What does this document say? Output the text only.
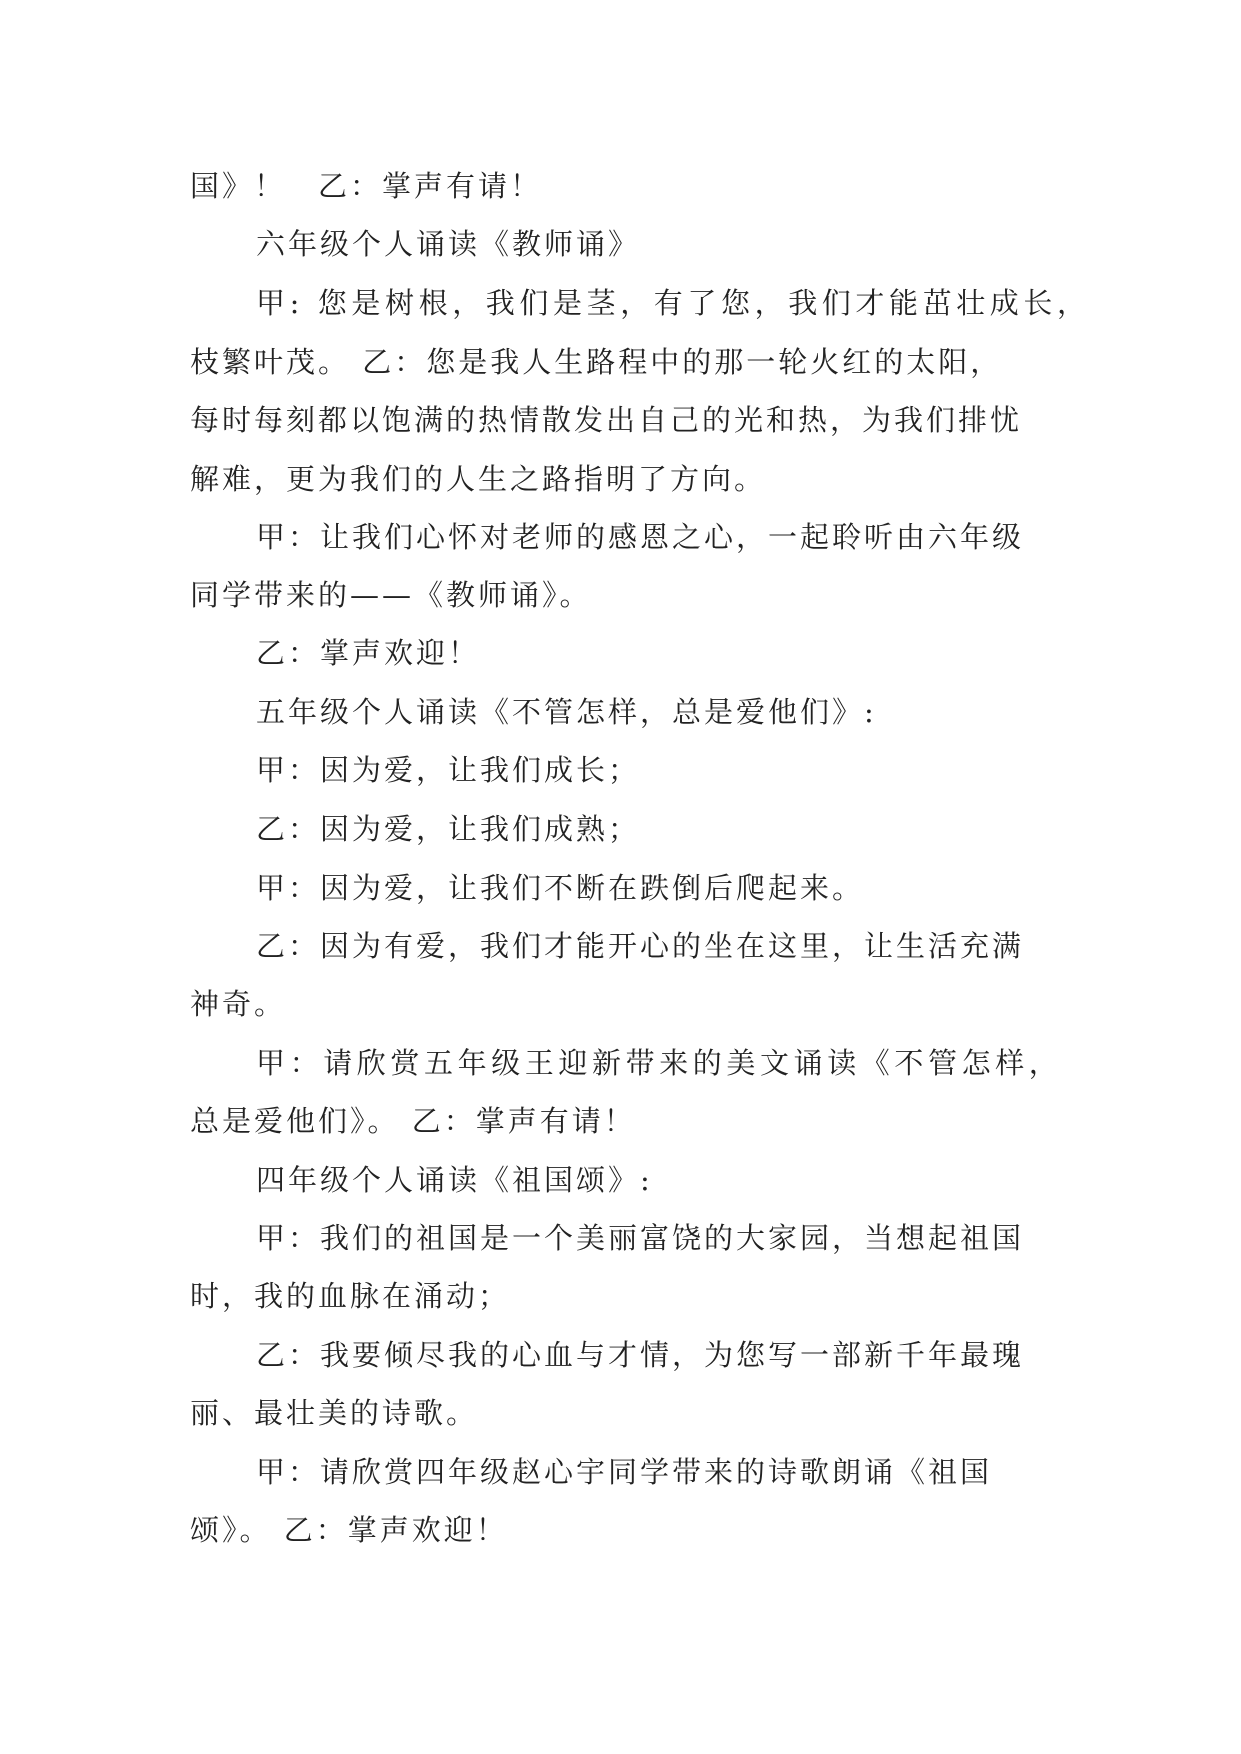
国》！　乙：掌声有请！
六年级个人诵读《教师诵》
甲: 您是树根，我们是茎，有了您，我们才能茁壮成长，
枝繁叶茂。 乙：您是我人生路程中的那一轮火红的太阳，
每时每刻都以饱满的热情散发出自己的光和热，为我们排忧
解难，更为我们的人生之路指明了方向。
甲：让我们心怀对老师的感恩之心，一起聆听由六年级
同学带来的——《教师诵》。
乙：掌声欢迎！
五年级个人诵读《不管怎样，总是爱他们》:
甲：因为爱，让我们成长；
乙：因为爱，让我们成熟；
甲：因为爱，让我们不断在跌倒后爬起来。
乙：因为有爱，我们才能开心的坐在这里，让生活充满
神奇。
甲：请欣赏五年级王迎新带来的美文诵读《不管怎样，
总是爱他们》。 乙：掌声有请！
四年级个人诵读《祖国颂》:
甲：我们的祖国是一个美丽富饶的大家园，当想起祖国
时，我的血脉在涌动；
乙：我要倾尽我的心血与才情，为您写一部新千年最瑰
丽、最壮美的诗歌。
甲：请欣赏四年级赵心宇同学带来的诗歌朗诵《祖国
颂》。 乙：掌声欢迎！
